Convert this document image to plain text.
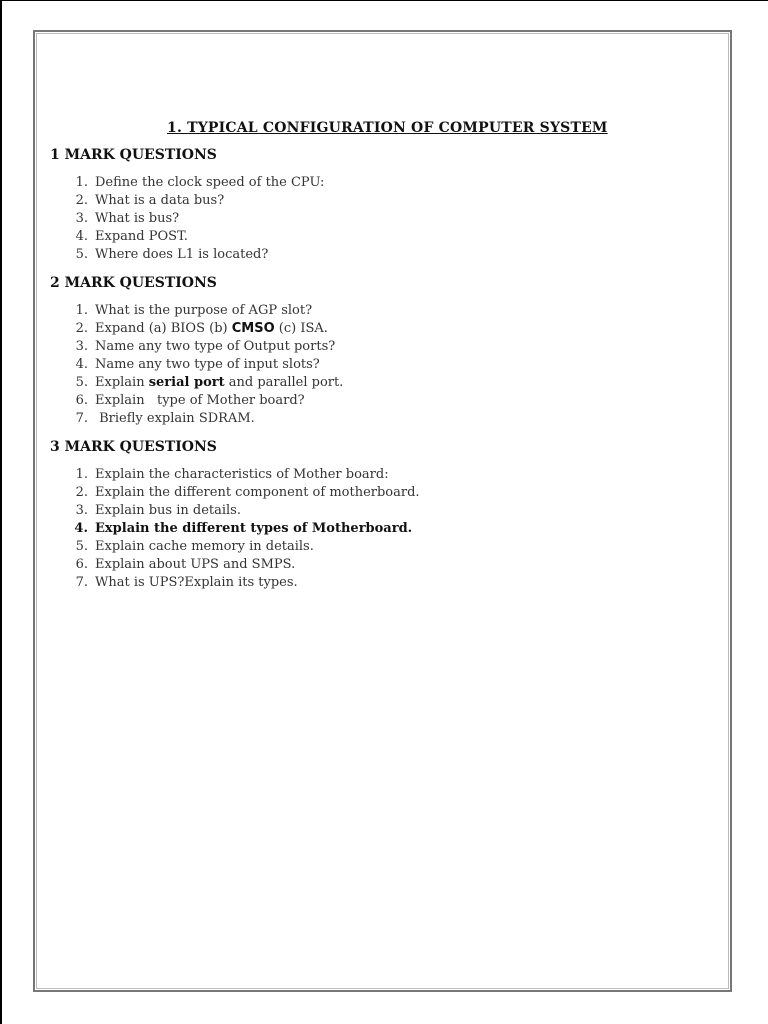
1. TYPICAL CONFIGURATION OF COMPUTER SYSTEM
1 MARK QUESTIONS
1. Define the clock speed of the CPU:
2. What is a data bus?
3. What is bus?
4. Expand POST.
5. Where does L1 is located?
2 MARK QUESTIONS
1. What is the purpose of AGP slot?
2. Expand (a) BIOS (b) CMSO (c) ISA.
3. Name any two type of Output ports?
4. Name any two type of input slots?
5. Explain serial port and parallel port.
6. Explain   type of Mother board?
7. Briefly explain SDRAM.
3 MARK QUESTIONS
1. Explain the characteristics of Mother board:
2. Explain the different component of motherboard.
3. Explain bus in details.
4. Explain the different types of Motherboard.
5. Explain cache memory in details.
6. Explain about UPS and SMPS.
7. What is UPS?Explain its types.
